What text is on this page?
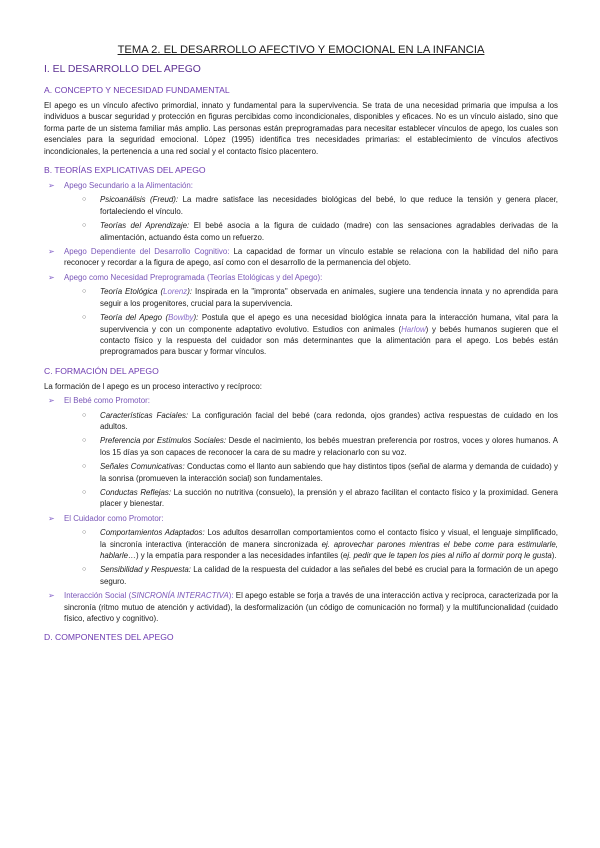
TEMA 2. EL DESARROLLO AFECTIVO Y EMOCIONAL EN LA INFANCIA
I. EL DESARROLLO DEL APEGO
A. CONCEPTO Y NECESIDAD FUNDAMENTAL

El apego es un vínculo afectivo primordial, innato y fundamental para la supervivencia. Se trata de una necesidad primaria que impulsa a los individuos a buscar seguridad y protección en figuras percibidas como incondicionales, disponibles y eficaces. No es un vínculo aislado, sino que forma parte de un sistema familiar más amplio. Las personas están preprogramadas para necesitar establecer vínculos de apego, los cuales son esenciales para la seguridad emocional. López (1995) identifica tres necesidades primarias: el establecimiento de vínculos afectivos incondicionales, la pertenencia a una red social y el contacto físico placentero.

B. TEORÍAS EXPLICATIVAS DEL APEGO
➢ Apego Secundario a la Alimentación:
○ Psicoanálisis (Freud): La madre satisface las necesidades biológicas del bebé, lo que reduce la tensión y genera placer, fortaleciendo el vínculo.
○ Teorías del Aprendizaje: El bebé asocia a la figura de cuidado (madre) con las sensaciones agradables derivadas de la alimentación, actuando ésta como un refuerzo.
➢ Apego Dependiente del Desarrollo Cognitivo: La capacidad de formar un vínculo estable se relaciona con la habilidad del niño para reconocer y recordar a la figura de apego, así como con el desarrollo de la permanencia del objeto.
➢ Apego como Necesidad Preprogramada (Teorías Etológicas y del Apego):
○ Teoría Etológica (Lorenz): Inspirada en la "impronta" observada en animales, sugiere una tendencia innata y no aprendida para seguir a los progenitores, crucial para la supervivencia.
○ Teoría del Apego (Bowlby): Postula que el apego es una necesidad biológica innata para la interacción humana, vital para la supervivencia y con un componente adaptativo evolutivo. Estudios con animales (Harlow) y bebés humanos sugieren que el contacto físico y la respuesta del cuidador son más determinantes que la alimentación para el apego. Los bebés están preprogramados para buscar y formar vínculos.
C. FORMACIÓN DEL APEGO

La formación de l apego es un proceso interactivo y recíproco:

➢ El Bebé como Promotor:
○ Características Faciales: La configuración facial del bebé (cara redonda, ojos grandes) activa respuestas de cuidado en los adultos.
○ Preferencia por Estímulos Sociales: Desde el nacimiento, los bebés muestran preferencia por rostros, voces y olores humanos. A los 15 días ya son capaces de reconocer la cara de su madre y relacionarlo con su voz.
○ Señales Comunicativas: Conductas como el llanto aun sabiendo que hay distintos tipos (señal de alarma y demanda de cuidado) y la sonrisa (promueven la interacción social) son fundamentales.
○ Conductas Reflejas: La succión no nutritiva (consuelo), la prensión y el abrazo facilitan el contacto físico y la proximidad. Genera placer y bienestar.
➢ El Cuidador como Promotor:
○ Comportamientos Adaptados: Los adultos desarrollan comportamientos como el contacto físico y visual, el lenguaje simplificado, la sincronía interactiva (interacción de manera sincronizada ej. aprovechar parones mientras el bebe come para estimularle, hablarle…) y la empatía para responder a las necesidades infantiles (ej. pedir que le tapen los pies al niño al dormir porq le gusta).
○ Sensibilidad y Respuesta: La calidad de la respuesta del cuidador a las señales del bebé es crucial para la formación de un apego seguro.
➢ Interacción Social (SINCRONÍA INTERACTIVA): El apego estable se forja a través de una interacción activa y recíproca, caracterizada por la sincronía (ritmo mutuo de atención y actividad), la desformalización (un código de comunicación no formal) y la multifuncionalidad (cuidado físico, afectivo y cognitivo).
D. COMPONENTES DEL APEGO
